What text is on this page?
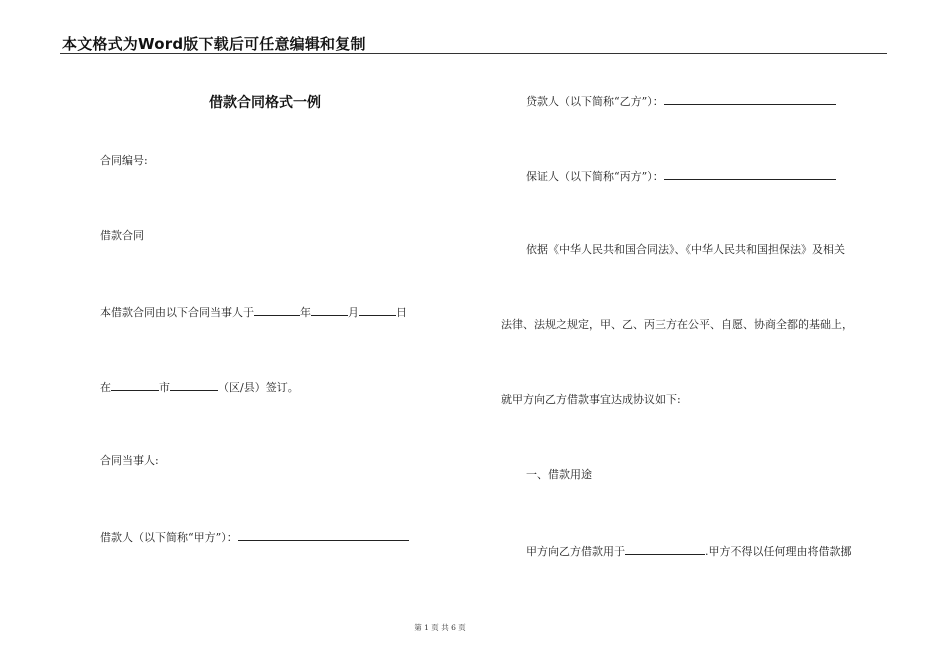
本文格式为Word版下载后可任意编辑和复制
借款合同格式一例
合同编号:
借款合同
本借款合同由以下合同当事人于	年	月	日
在	市	（区/县）签订。
合同当事人:
借款人（以下简称“甲方”）：
贷款人（以下简称“乙方”）：
保证人（以下简称“丙方”）：
依据《中华人民共和国合同法》、《中华人民共和国担保法》及相关
法律、法规之规定，甲、乙、丙三方在公平、自愿、协商全都的基础上，
就甲方向乙方借款事宜达成协议如下:
一、借款用途
甲方向乙方借款用于	.甲方不得以任何理由将借款挪
第 1 页 共 6 页
